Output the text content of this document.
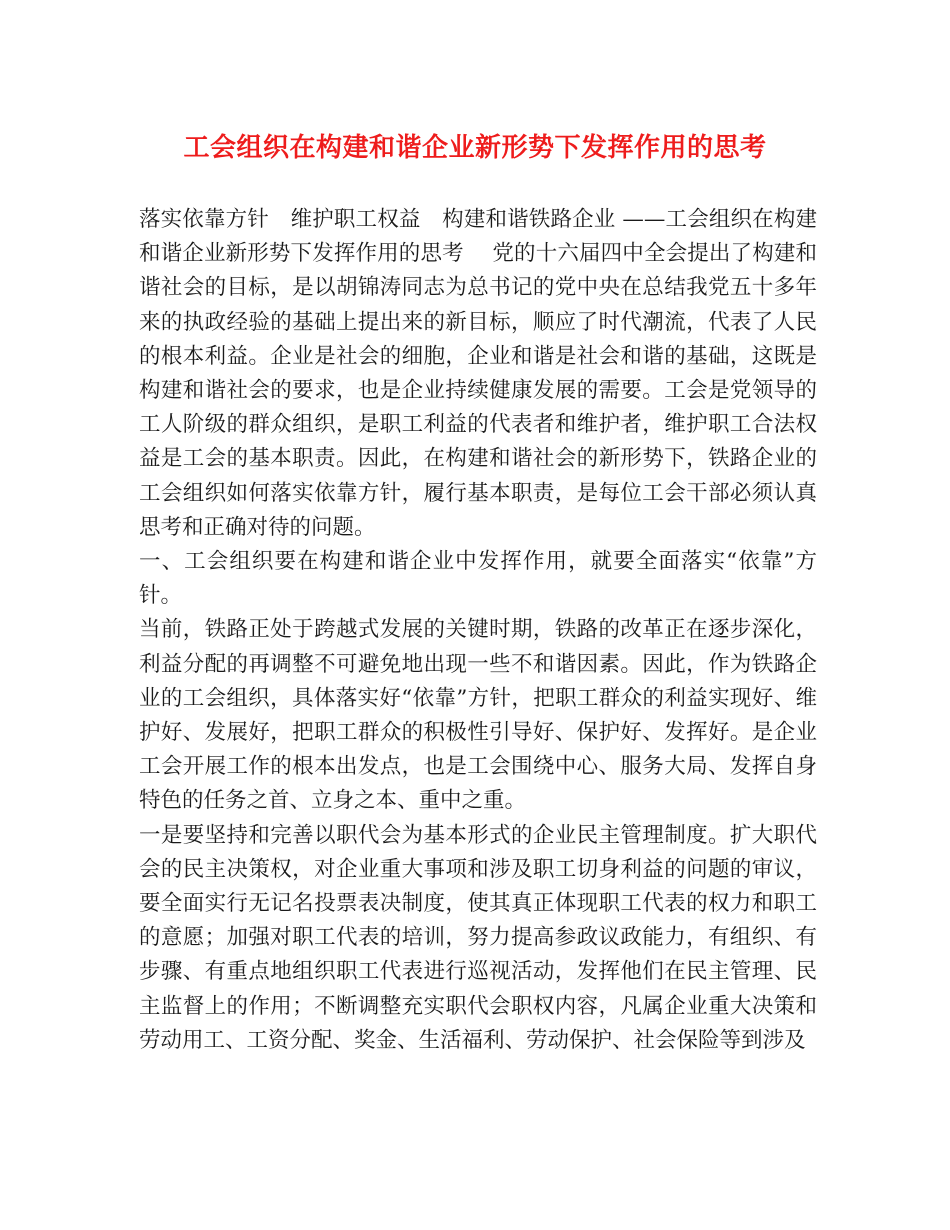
工会组织在构建和谐企业新形势下发挥作用的思考

落实依靠方针　维护职工权益　构建和谐铁路企业 ——工会组织在构建和谐企业新形势下发挥作用的思考　 党的十六届四中全会提出了构建和谐社会的目标，是以胡锦涛同志为总书记的党中央在总结我党五十多年来的执政经验的基础上提出来的新目标，顺应了时代潮流，代表了人民的根本利益。企业是社会的细胞，企业和谐是社会和谐的基础，这既是构建和谐社会的要求，也是企业持续健康发展的需要。工会是党领导的工人阶级的群众组织，是职工利益的代表者和维护者，维护职工合法权益是工会的基本职责。因此，在构建和谐社会的新形势下，铁路企业的工会组织如何落实依靠方针，履行基本职责，是每位工会干部必须认真思考和正确对待的问题。

一、工会组织要在构建和谐企业中发挥作用，就要全面落实“依靠”方针。

当前，铁路正处于跨越式发展的关键时期，铁路的改革正在逐步深化，利益分配的再调整不可避免地出现一些不和谐因素。因此，作为铁路企业的工会组织，具体落实好“依靠”方针，把职工群众的利益实现好、维护好、发展好，把职工群众的积极性引导好、保护好、发挥好。是企业工会开展工作的根本出发点，也是工会围绕中心、服务大局、发挥自身特色的任务之首、立身之本、重中之重。

一是要坚持和完善以职代会为基本形式的企业民主管理制度。扩大职代会的民主决策权，对企业重大事项和涉及职工切身利益的问题的审议，要全面实行无记名投票表决制度，使其真正体现职工代表的权力和职工的意愿；加强对职工代表的培训，努力提高参政议政能力，有组织、有步骤、有重点地组织职工代表进行巡视活动，发挥他们在民主管理、民主监督上的作用；不断调整充实职代会职权内容，凡属企业重大决策和劳动用工、工资分配、奖金、生活福利、劳动保护、社会保险等到涉及
